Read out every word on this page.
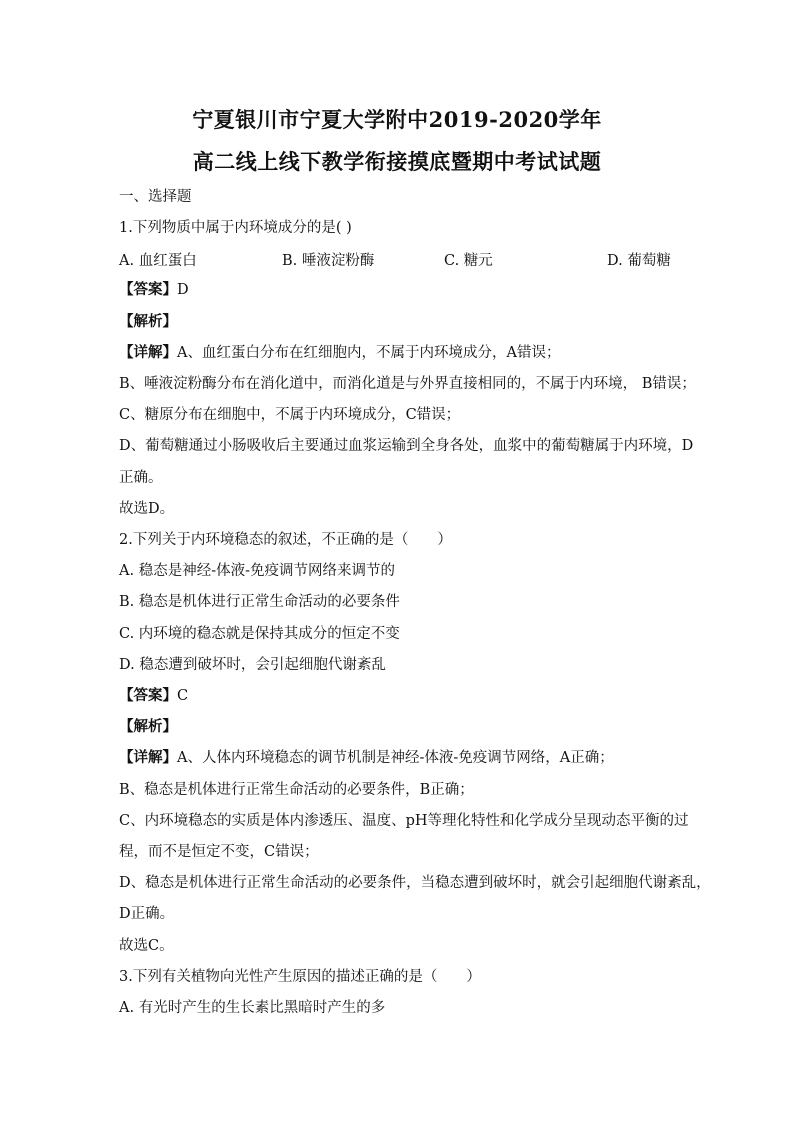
宁夏银川市宁夏大学附中2019-2020学年
高二线上线下教学衔接摸底暨期中考试试题
一、选择题
1.下列物质中属于内环境成分的是( )
A. 血红蛋白	B. 唾液淀粉酶	C. 糖元	D. 葡萄糖
【答案】D
【解析】
【详解】A、血红蛋白分布在红细胞内，不属于内环境成分，A错误；
B、唾液淀粉酶分布在消化道中，而消化道是与外界直接相同的，不属于内环境， B错误；
C、糖原分布在细胞中，不属于内环境成分，C错误；
D、葡萄糖通过小肠吸收后主要通过血浆运输到全身各处，血浆中的葡萄糖属于内环境，D
正确。
故选D。
2.下列关于内环境稳态的叙述，不正确的是（　　）
A. 稳态是神经-体液-免疫调节网络来调节的
B. 稳态是机体进行正常生命活动的必要条件
C. 内环境的稳态就是保持其成分的恒定不变
D. 稳态遭到破坏时，会引起细胞代谢紊乱
【答案】C
【解析】
【详解】A、人体内环境稳态的调节机制是神经-体液-免疫调节网络，A正确；
B、稳态是机体进行正常生命活动的必要条件，B正确；
C、内环境稳态的实质是体内渗透压、温度、pH等理化特性和化学成分呈现动态平衡的过
程，而不是恒定不变，C错误；
D、稳态是机体进行正常生命活动的必要条件，当稳态遭到破坏时，就会引起细胞代谢紊乱，
D正确。
故选C。
3.下列有关植物向光性产生原因的描述正确的是（　　）
A. 有光时产生的生长素比黑暗时产生的多
